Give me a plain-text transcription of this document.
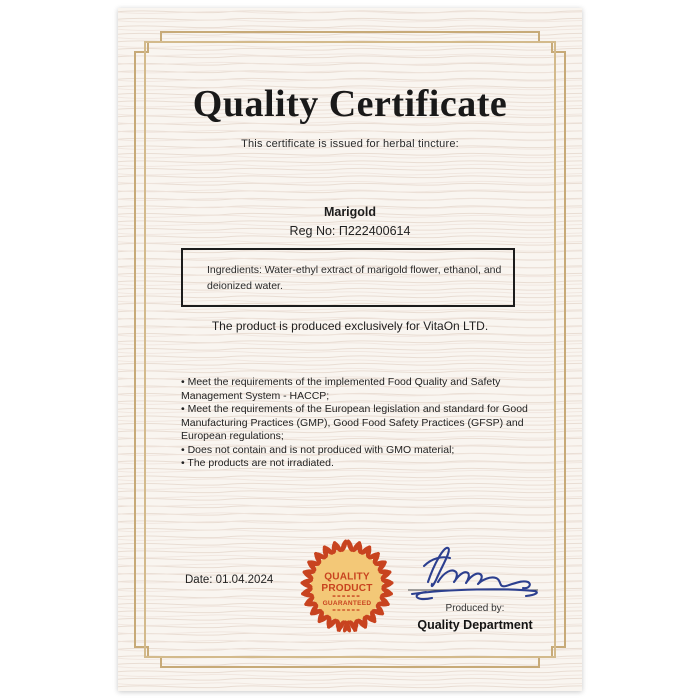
Quality Certificate

This certificate is issued for herbal tincture:

Marigold

Reg No: П222400614

Ingredients: Water-ethyl extract of marigold flower, ethanol, and deionized water.

The product is produced exclusively for VitaOn LTD.

• Meet the requirements of the implemented Food Quality and Safety Management System - HACCP;

• Meet the requirements of the European legislation and standard for Good Manufacturing Practices (GMP), Good Food Safety Practices (GFSP) and European regulations;

• Does not contain and is not produced with GMO material;

• The products are not irradiated.

Date: 01.04.2024	QUALITY
PRODUCT
GUARANTEED	Produced by:

Quality Department
